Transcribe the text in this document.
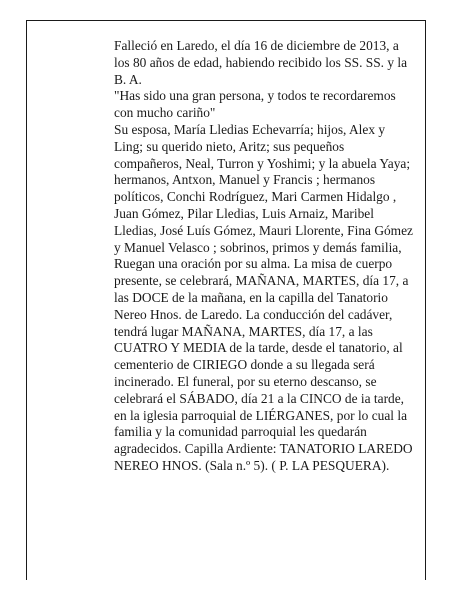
Falleció en Laredo, el día 16 de diciembre de 2013, a los 80 años de edad, habiendo recibido los SS. SS. y la B. A.

"Has sido una gran persona, y todos te recordaremos con mucho cariño"

Su esposa, María Lledias Echevarría; hijos, Alex y Ling; su querido nieto, Aritz; sus pequeños compañeros, Neal, Turron y Yoshimi; y la abuela Yaya; hermanos, Antxon, Manuel y Francis ; hermanos políticos, Conchi Rodríguez, Mari Carmen Hidalgo , Juan Gómez, Pilar Lledias, Luis Arnaiz, Maribel Lledias, José Luís Gómez, Mauri Llorente, Fina Gómez y Manuel Velasco ; sobrinos, primos y demás familia, Ruegan una oración por su alma. La misa de cuerpo presente, se celebrará, MAÑANA, MARTES, día 17, a las DOCE de la mañana, en la capilla del Tanatorio Nereo Hnos. de Laredo. La conducción del cadáver, tendrá lugar MAÑANA, MARTES, día 17, a las CUATRO Y MEDIA de la tarde, desde el tanatorio, al cementerio de CIRIEGO donde a su llegada será incinerado. El funeral, por su eterno descanso, se celebrará el SÁBADO, día 21 a la CINCO de ia tarde, en la iglesia parroquial de LIÉRGANES, por lo cual la familia y la comunidad parroquial les quedarán agradecidos. Capilla Ardiente: TANATORIO LAREDO NEREO HNOS. (Sala n.º 5). ( P. LA PESQUERA).
